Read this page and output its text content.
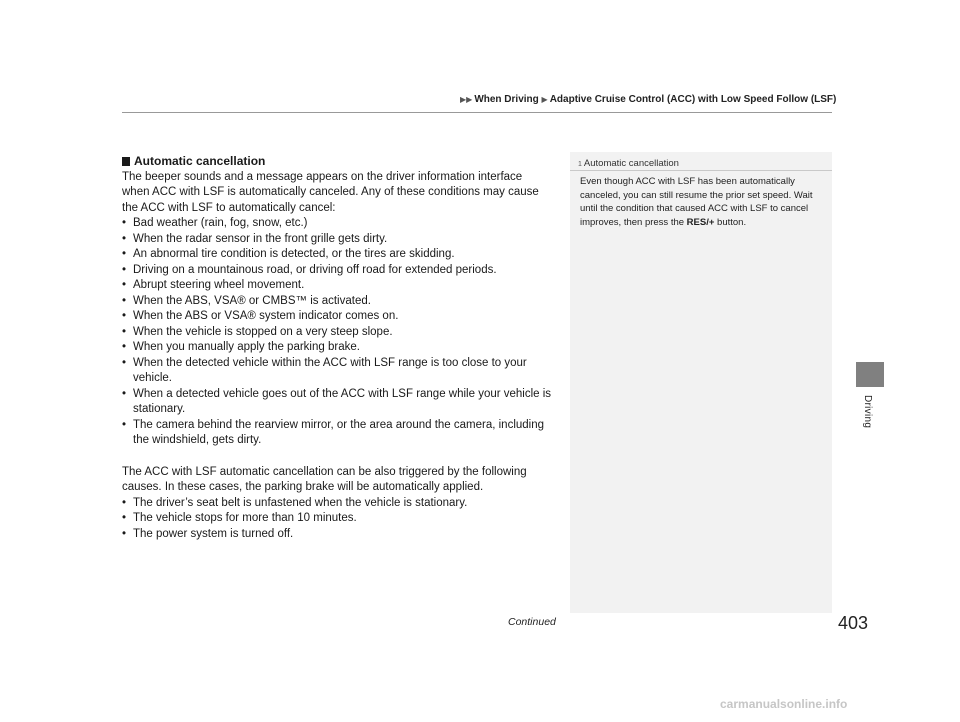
▶▶ When Driving ▶ Adaptive Cruise Control (ACC) with Low Speed Follow (LSF)

Automatic cancellation

The beeper sounds and a message appears on the driver information interface when ACC with LSF is automatically canceled. Any of these conditions may cause the ACC with LSF to automatically cancel:

• Bad weather (rain, fog, snow, etc.)
• When the radar sensor in the front grille gets dirty.
• An abnormal tire condition is detected, or the tires are skidding.
• Driving on a mountainous road, or driving off road for extended periods.
• Abrupt steering wheel movement.
• When the ABS, VSA® or CMBS™ is activated.
• When the ABS or VSA® system indicator comes on.
• When the vehicle is stopped on a very steep slope.
• When you manually apply the parking brake.
• When the detected vehicle within the ACC with LSF range is too close to your vehicle.
• When a detected vehicle goes out of the ACC with LSF range while your vehicle is stationary.
• The camera behind the rearview mirror, or the area around the camera, including the windshield, gets dirty.

The ACC with LSF automatic cancellation can be also triggered by the following causes. In these cases, the parking brake will be automatically applied.

• The driver’s seat belt is unfastened when the vehicle is stationary.
• The vehicle stops for more than 10 minutes.
• The power system is turned off.
1 Automatic cancellation
Even though ACC with LSF has been automatically canceled, you can still resume the prior set speed. Wait until the condition that caused ACC with LSF to cancel improves, then press the RES/+ button.
Driving
Continued	403
carmanualsonline.info
